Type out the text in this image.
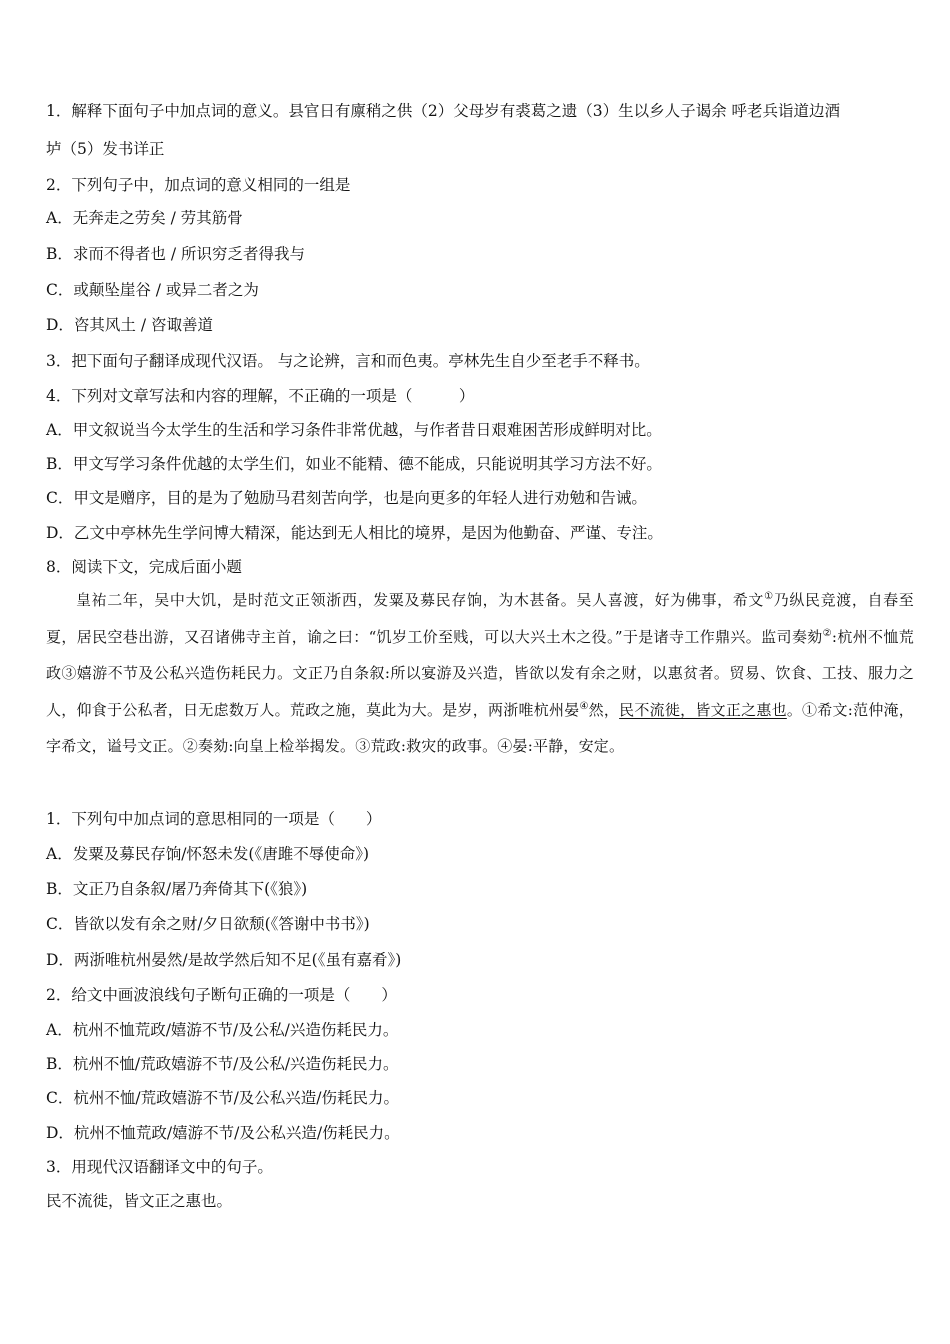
1．解释下面句子中加点词的意义。县官日有廪稍之供（2）父母岁有裘葛之遗（3）生以乡人子谒余 呼老兵诣道边酒
垆（5）发书详正
2．下列句子中，加点词的意义相同的一组是
A．无奔走之劳矣 / 劳其筋骨
B．求而不得者也 / 所识穷乏者得我与
C．或颠坠崖谷 / 或异二者之为
D．咨其风土 / 咨诹善道
3．把下面句子翻译成现代汉语。 与之论辨，言和而色夷。亭林先生自少至老手不释书。
4．下列对文章写法和内容的理解，不正确的一项是（　　　）
A．甲文叙说当今太学生的生活和学习条件非常优越，与作者昔日艰难困苦形成鲜明对比。
B．甲文写学习条件优越的太学生们，如业不能精、德不能成，只能说明其学习方法不好。
C．甲文是赠序，目的是为了勉励马君刻苦向学，也是向更多的年轻人进行劝勉和告诫。
D．乙文中亭林先生学问博大精深，能达到无人相比的境界，是因为他勤奋、严谨、专注。
8．阅读下文，完成后面小题
皇祐二年，吴中大饥，是时范文正领浙西，发粟及募民存饷，为木甚备。吴人喜渡，好为佛事，希文①乃纵民竞渡，自春至夏，居民空巷出游，又召诸佛寺主首，谕之曰：“饥岁工价至贱，可以大兴土木之役。”于是诸寺工作鼎兴。监司奏劾②:杭州不恤荒政③嬉游不节及公私兴造伤耗民力。文正乃自条叙:所以宴游及兴造，皆欲以发有余之财，以惠贫者。贸易、饮食、工技、服力之人，仰食于公私者，日无虑数万人。荒政之施，莫此为大。是岁，两浙唯杭州晏④然，民不流徙，皆文正之惠也。①希文:范仲淹，字希文，谥号文正。②奏劾:向皇上检举揭发。③荒政:救灾的政事。④晏:平静，安定。
1．下列句中加点词的意思相同的一项是（　　）
A．发粟及募民存饷/怀怒未发(《唐雎不辱使命》)
B．文正乃自条叙/屠乃奔倚其下(《狼》)
C．皆欲以发有余之财/夕日欲颓(《答谢中书书》)
D．两浙唯杭州晏然/是故学然后知不足(《虽有嘉肴》)
2．给文中画波浪线句子断句正确的一项是（　　）
A．杭州不恤荒政/嬉游不节/及公私/兴造伤耗民力。
B．杭州不恤/荒政嬉游不节/及公私/兴造伤耗民力。
C．杭州不恤/荒政嬉游不节/及公私兴造/伤耗民力。
D．杭州不恤荒政/嬉游不节/及公私兴造/伤耗民力。
3．用现代汉语翻译文中的句子。
民不流徙，皆文正之惠也。
